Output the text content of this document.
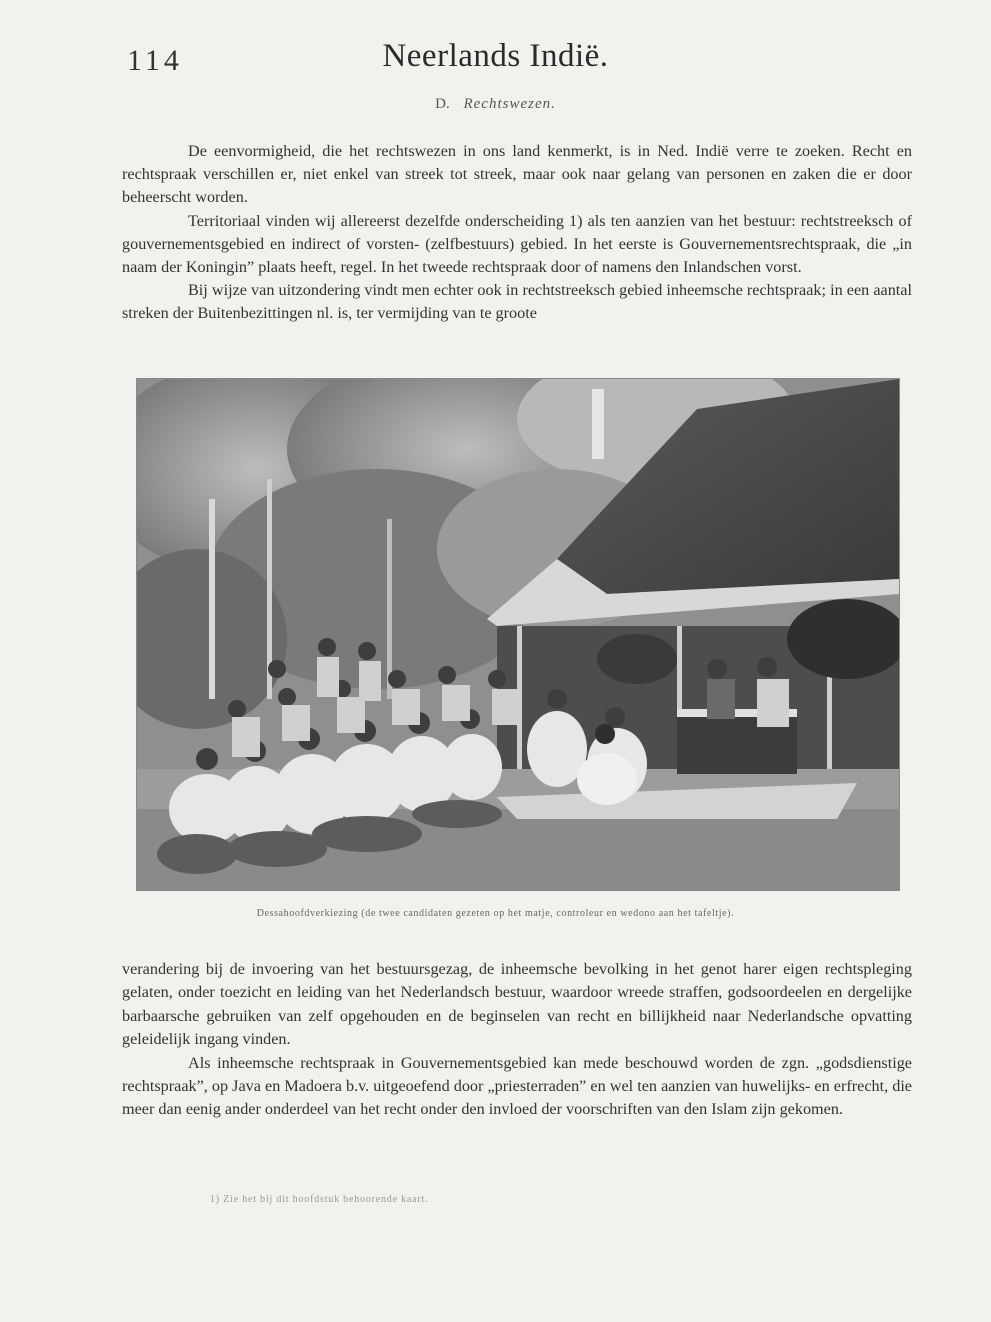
114	Neerlands Indië.
D. Rechtswezen.

De eenvormigheid, die het rechtswezen in ons land kenmerkt, is in Ned. Indië verre te zoeken. Recht en rechtspraak verschillen er, niet enkel van streek tot streek, maar ook naar gelang van personen en zaken die er door beheerscht worden.

Territoriaal vinden wij allereerst dezelfde onderscheiding 1) als ten aanzien van het bestuur: rechtstreeksch of gouvernementsgebied en indirect of vorsten- (zelfbestuurs) gebied. In het eerste is Gouvernementsrechtspraak, die „in naam der Koningin” plaats heeft, regel. In het tweede rechtspraak door of namens den Inlandschen vorst.

Bij wijze van uitzondering vindt men echter ook in rechtstreeksch gebied inheemsche rechtspraak; in een aantal streken der Buitenbezittingen nl. is, ter vermijding van te groote

Dessahoofdverkiezing (de twee candidaten gezeten op het matje, controleur en wedono aan het tafeltje).

verandering bij de invoering van het bestuursgezag, de inheemsche bevolking in het genot harer eigen rechtspleging gelaten, onder toezicht en leiding van het Nederlandsch bestuur, waardoor wreede straffen, godsoordeelen en dergelijke barbaarsche gebruiken van zelf opgehouden en de beginselen van recht en billijkheid naar Nederlandsche opvatting geleidelijk ingang vinden.

Als inheemsche rechtspraak in Gouvernementsgebied kan mede beschouwd worden de zgn. „godsdienstige rechtspraak”, op Java en Madoera b.v. uitgeoefend door „priesterraden” en wel ten aanzien van huwelijks- en erfrecht, die meer dan eenig ander onderdeel van het recht onder den invloed der voorschriften van den Islam zijn gekomen.

1) Zie het bij dit hoofdstuk behoorende kaart.
